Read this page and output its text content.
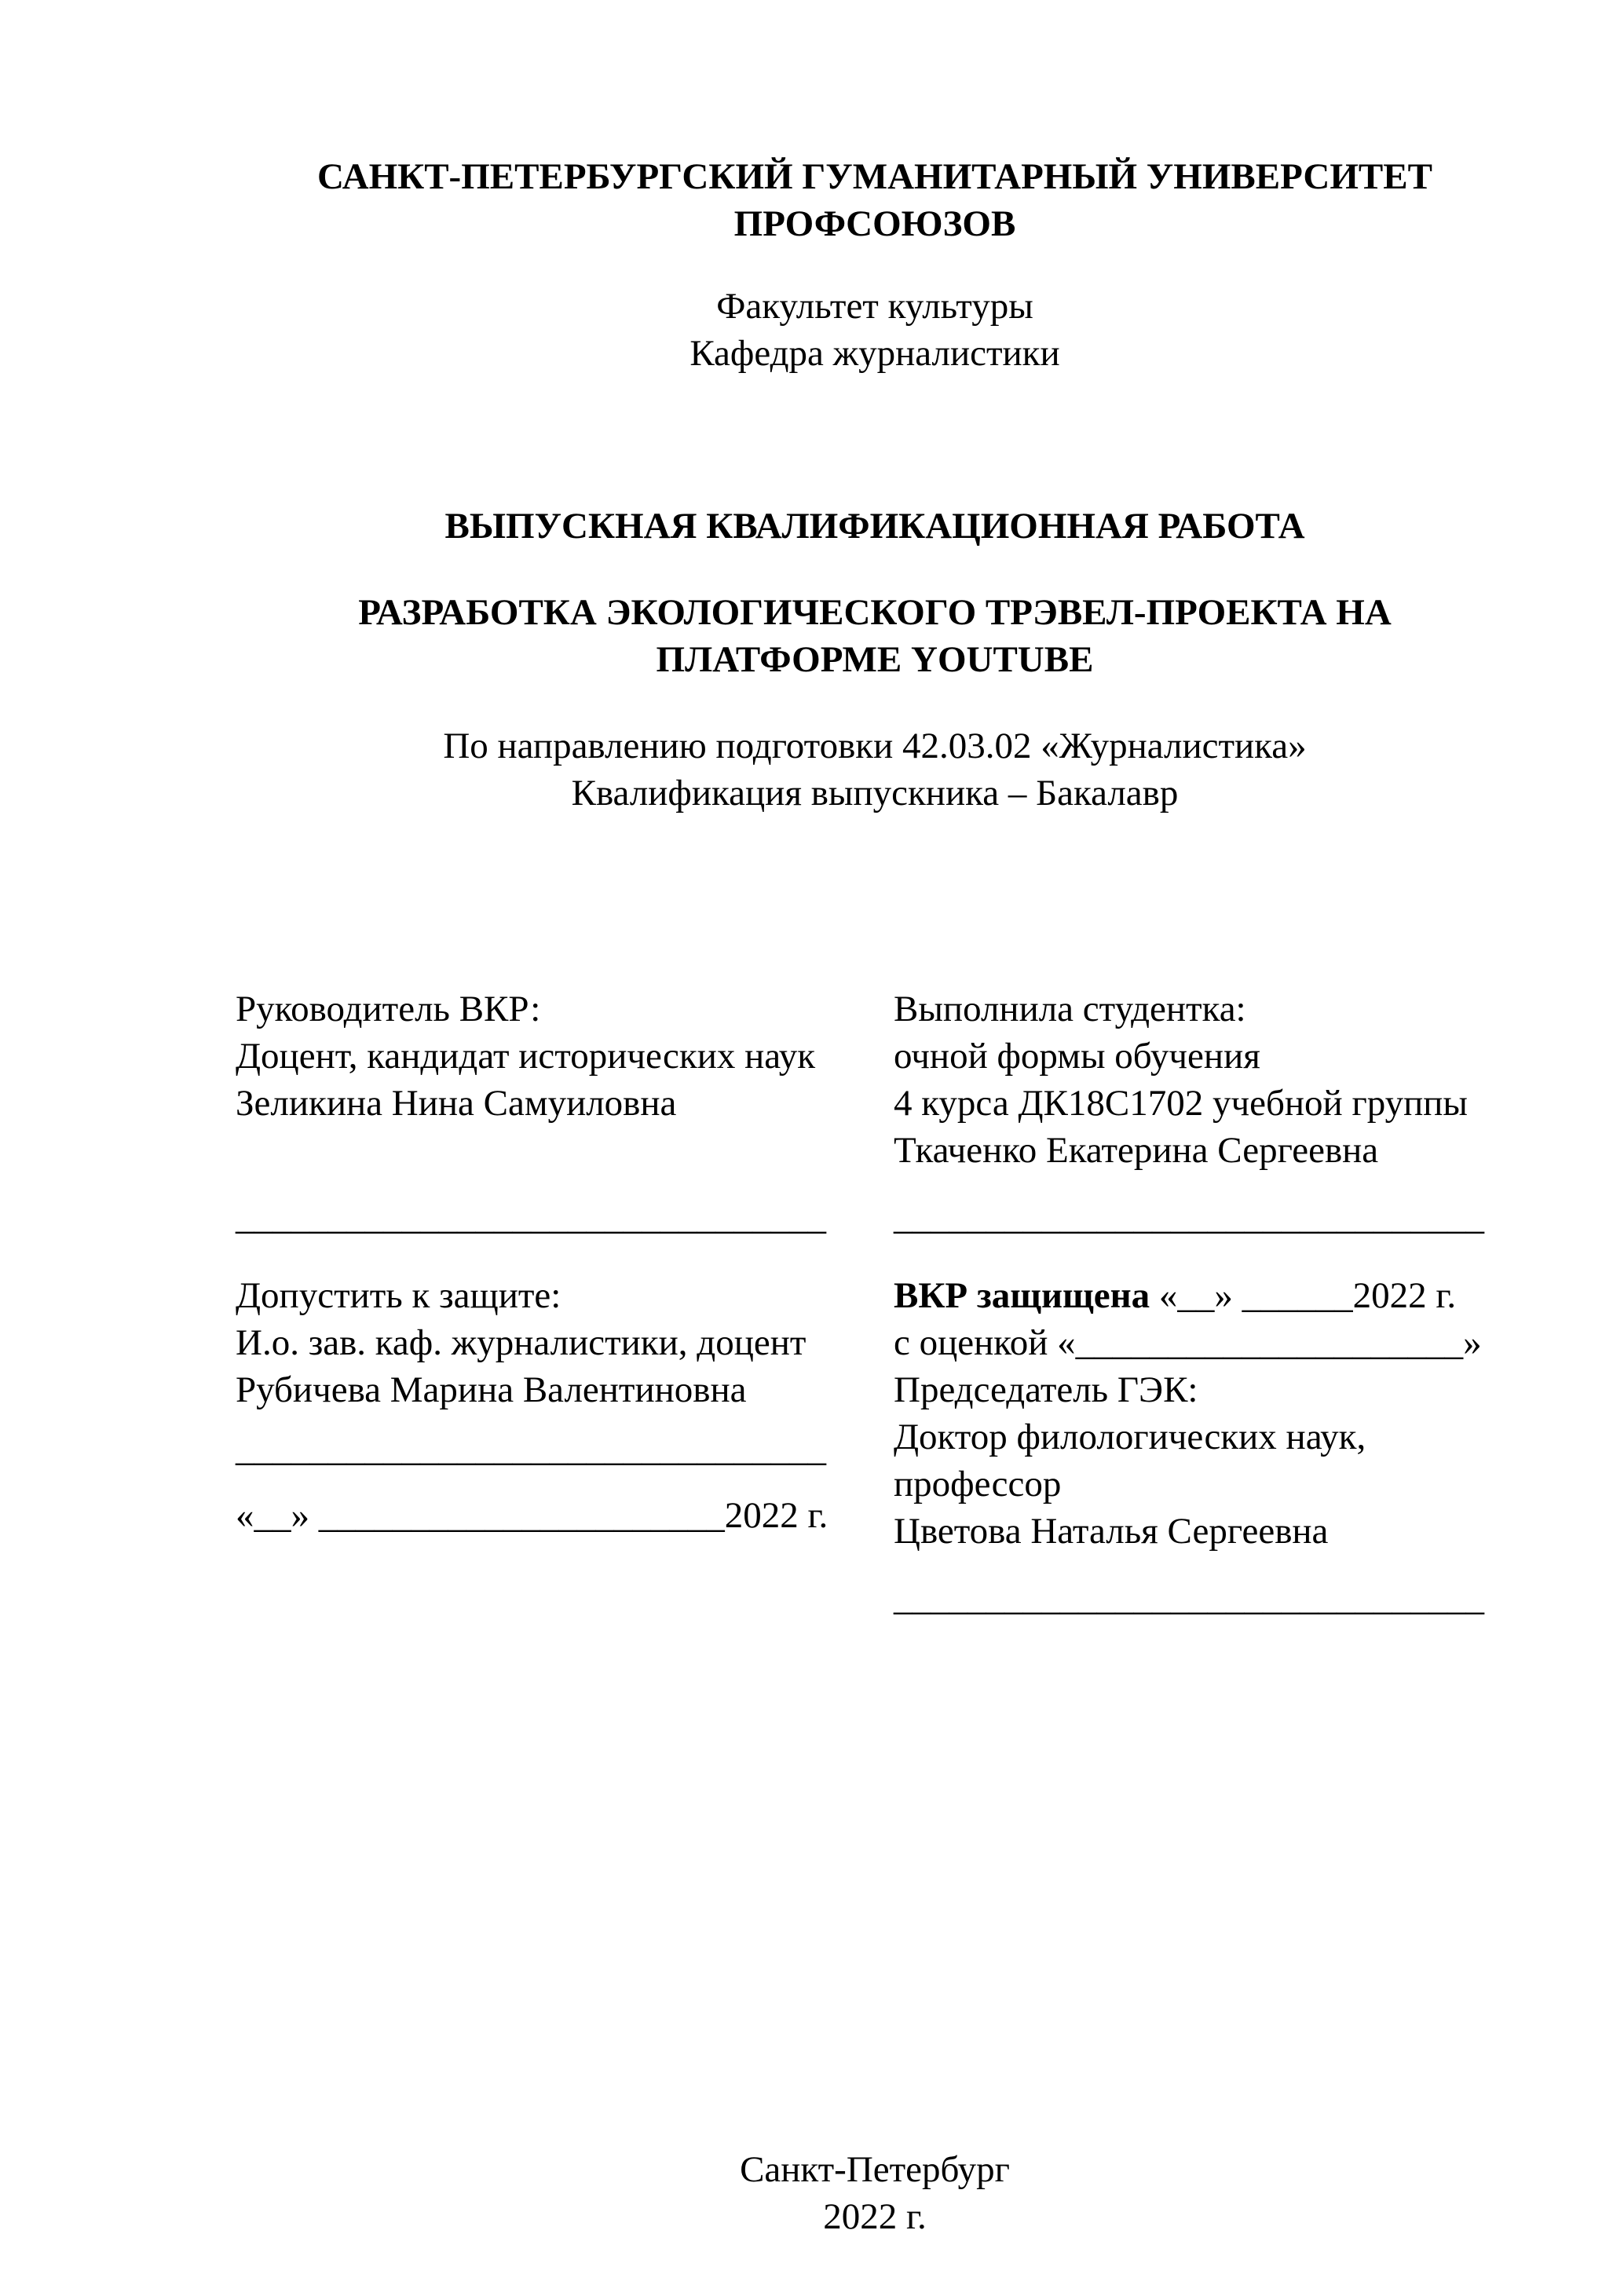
САНКТ-ПЕТЕРБУРГСКИЙ ГУМАНИТАРНЫЙ УНИВЕРСИТЕТ
ПРОФСОЮЗОВ
Факультет культуры
Кафедра журналистики
ВЫПУСКНАЯ КВАЛИФИКАЦИОННАЯ РАБОТА
РАЗРАБОТКА ЭКОЛОГИЧЕСКОГО ТРЭВЕЛ-ПРОЕКТА НА
ПЛАТФОРМЕ YOUTUBE
По направлению подготовки 42.03.02 «Журналистика»
Квалификация выпускника – Бакалавр
Руководитель ВКР:
Доцент, кандидат исторических наук
Зеликина Нина Самуиловна
________________________________
Допустить к защите:
И.о. зав. каф. журналистики, доцент
Рубичева Марина Валентиновна
________________________________
«__» ______________________2022 г.
Выполнила студентка:
очной формы обучения
4 курса ДК18С1702 учебной группы
Ткаченко Екатерина Сергеевна
________________________________
ВКР защищена «__» ______2022 г.
с оценкой «_____________________»
Председатель ГЭК:
Доктор филологических наук,
профессор
Цветова Наталья Сергеевна
________________________________
Санкт-Петербург
2022 г.
